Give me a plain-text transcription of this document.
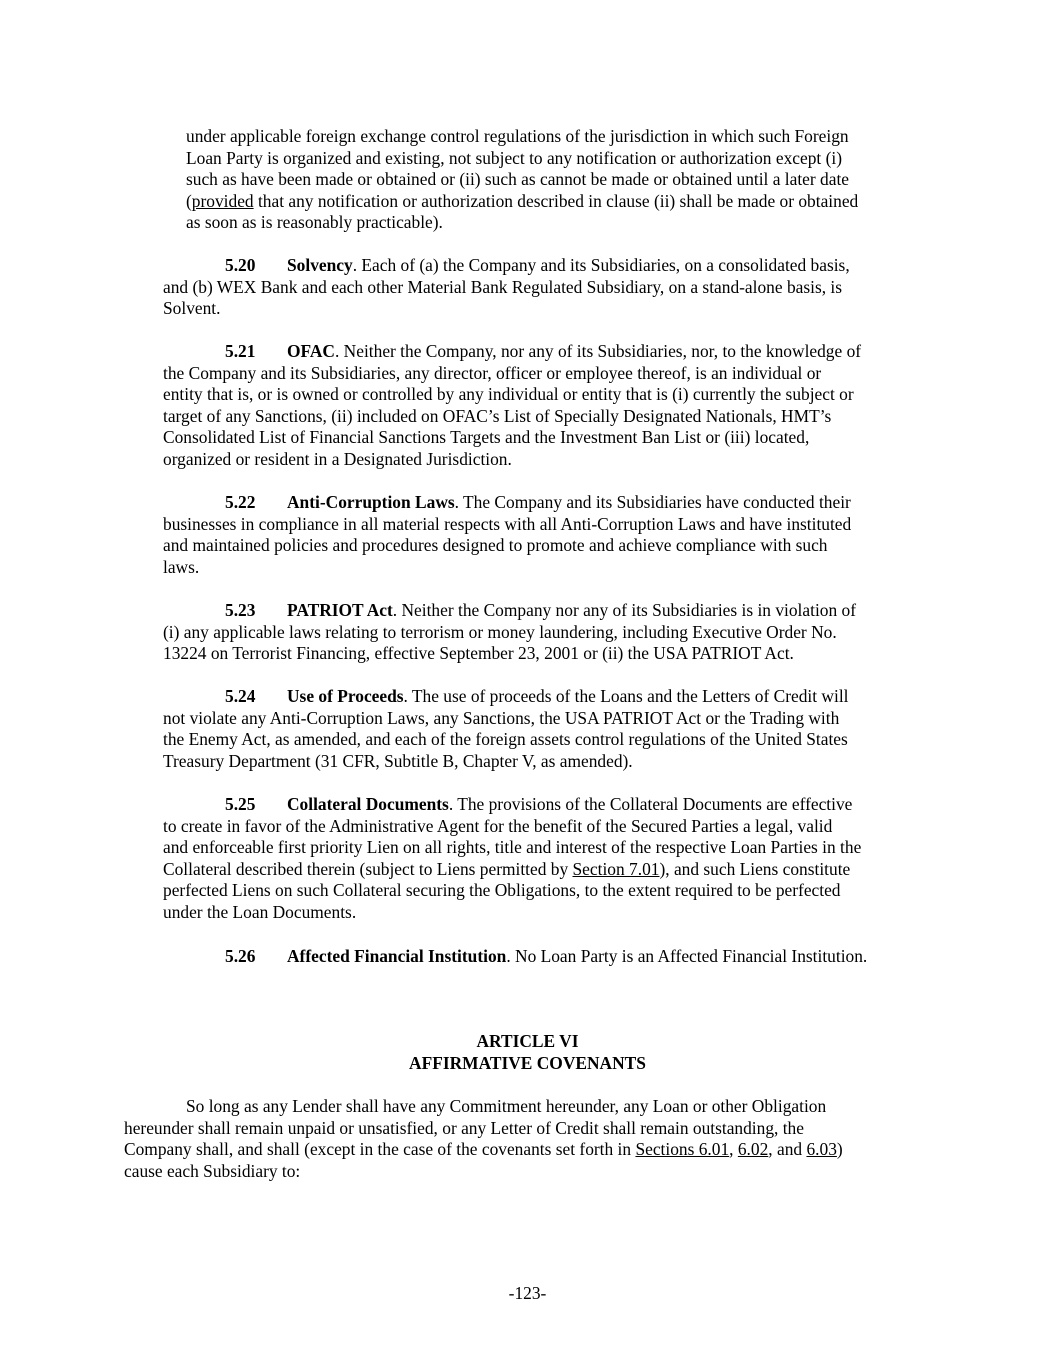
under applicable foreign exchange control regulations of the jurisdiction in which such Foreign
Loan Party is organized and existing, not subject to any notification or authorization except (i)
such as have been made or obtained or (ii) such as cannot be made or obtained until a later date
(provided that any notification or authorization described in clause (ii) shall be made or obtained
as soon as is reasonably practicable).

5.20 Solvency. Each of (a) the Company and its Subsidiaries, on a consolidated basis,
and (b) WEX Bank and each other Material Bank Regulated Subsidiary, on a stand-alone basis, is
Solvent.

5.21 OFAC. Neither the Company, nor any of its Subsidiaries, nor, to the knowledge of
the Company and its Subsidiaries, any director, officer or employee thereof, is an individual or
entity that is, or is owned or controlled by any individual or entity that is (i) currently the subject or
target of any Sanctions, (ii) included on OFAC’s List of Specially Designated Nationals, HMT’s
Consolidated List of Financial Sanctions Targets and the Investment Ban List or (iii) located,
organized or resident in a Designated Jurisdiction.

5.22 Anti-Corruption Laws. The Company and its Subsidiaries have conducted their
businesses in compliance in all material respects with all Anti-Corruption Laws and have instituted
and maintained policies and procedures designed to promote and achieve compliance with such
laws.

5.23 PATRIOT Act. Neither the Company nor any of its Subsidiaries is in violation of
(i) any applicable laws relating to terrorism or money laundering, including Executive Order No.
13224 on Terrorist Financing, effective September 23, 2001 or (ii) the USA PATRIOT Act.

5.24 Use of Proceeds. The use of proceeds of the Loans and the Letters of Credit will
not violate any Anti-Corruption Laws, any Sanctions, the USA PATRIOT Act or the Trading with
the Enemy Act, as amended, and each of the foreign assets control regulations of the United States
Treasury Department (31 CFR, Subtitle B, Chapter V, as amended).

5.25 Collateral Documents. The provisions of the Collateral Documents are effective
to create in favor of the Administrative Agent for the benefit of the Secured Parties a legal, valid
and enforceable first priority Lien on all rights, title and interest of the respective Loan Parties in the
Collateral described therein (subject to Liens permitted by Section 7.01), and such Liens constitute
perfected Liens on such Collateral securing the Obligations, to the extent required to be perfected
under the Loan Documents.

5.26 Affected Financial Institution. No Loan Party is an Affected Financial Institution.

ARTICLE VI
AFFIRMATIVE COVENANTS

So long as any Lender shall have any Commitment hereunder, any Loan or other Obligation
hereunder shall remain unpaid or unsatisfied, or any Letter of Credit shall remain outstanding, the
Company shall, and shall (except in the case of the covenants set forth in Sections 6.01, 6.02, and 6.03)
cause each Subsidiary to:

-123-
